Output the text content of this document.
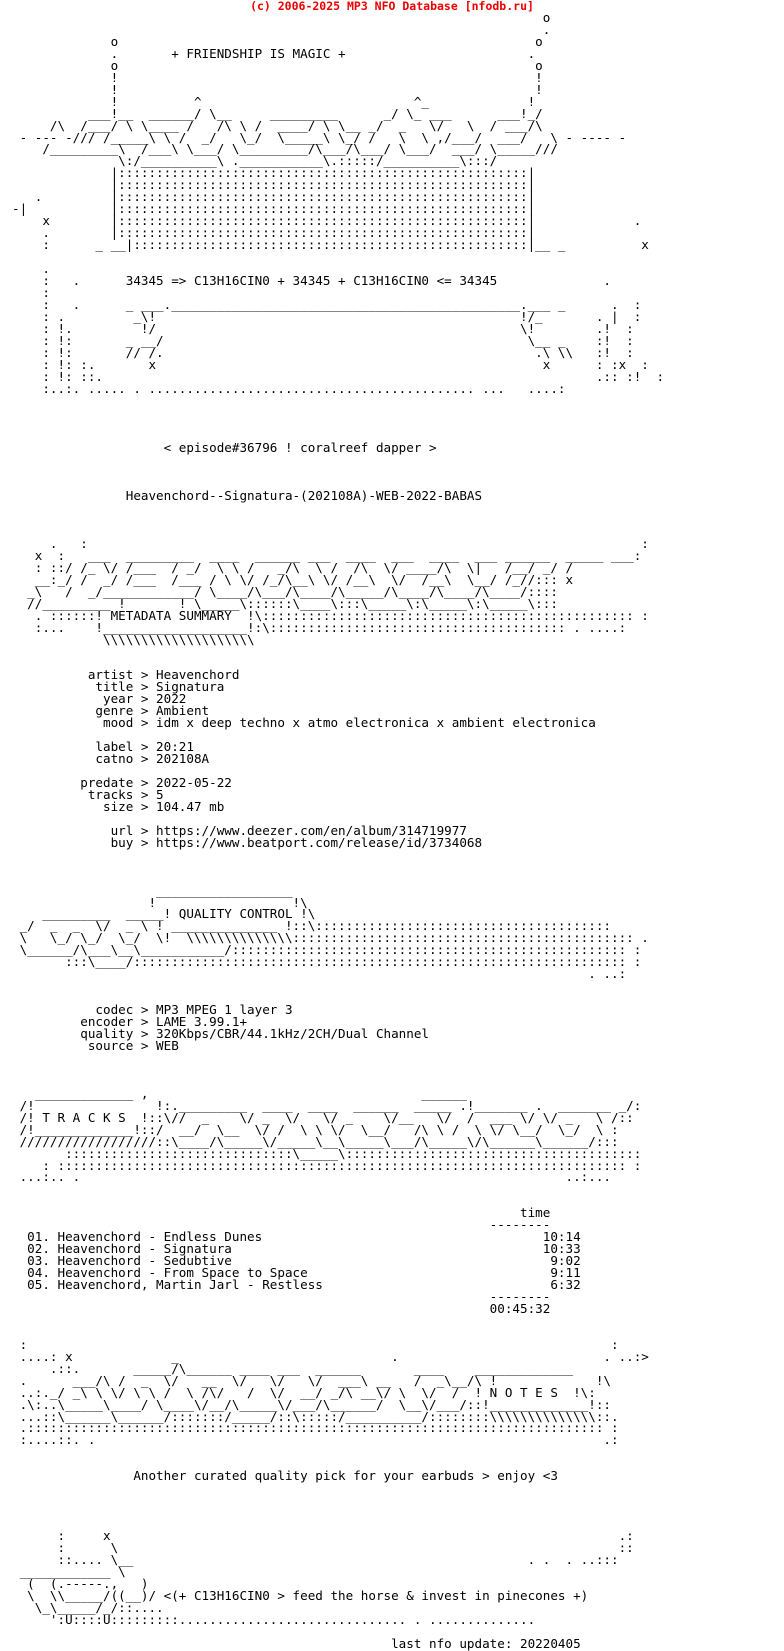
(c) 2006-2025 MP3 NFO Database [nfodb.ru]
o
.
o                                                       o
.       + FRIENDSHIP IS MAGIC +                        .
o                                                       o
!                                                       !
!                                                       !
!          ^                            ^_             !
___!__  ______/ \__     _________      _/ \_ ___      ___!_/
/\  /___/ \ \____ /   /\ \ /  ____/ \ \__ _/  _   \/   \  / ___/\
- --- -/// /_____\ \ /  _/   \_/  \_____\ \_/ /   \  \ ,/___/  ___/   \ - ---- -
/_________\  /___\ \___/ \_________/\___/\___/ \___/  ___/ \_____///
\:/__________\ .___________\.:::::/__________\:::/
|::::::::::::::::::::::::::::::::::::::::::::::::::::::|
|::::::::::::::::::::::::::::::::::::::::::::::::::::::|
.         |::::::::::::::::::::::::::::::::::::::::::::::::::::::|
-|           |::::::::::::::::::::::::::::::::::::::::::::::::::::::|
x        |::::::::::::::::::::::::::::::::::::::::::::::::::::::|             .
.        |::::::::::::::::::::::::::::::::::::::::::::::::::::::|
:      _ __|::::::::::::::::::::::::::::::::::::::::::::::::::::|__ _          x

.
:   .      34345 => C13H16CIN0 + 34345 + C13H16CIN0 <= 34345              .
:
:   .      _ ___.______________________________________________.___ _      .  :
: .         _\!                                                !/_       . |  :
: !.         !/                                                \!        .!  :
: !:       _ __/                                                \__ _    :!  :
: !:       // /.                                                 .\ \\   :!  :
: !: :.       x                                                   x      : :x  :
: !: ::.                                                                 .:: :!  :
:..:. ..... . ........................................... ...   ....:

< episode#36796 ! coralreef dapper >

Heavenchord--Signatura-(202108A)-WEB-2022-BABAS

.   :                                                                         :
x  :   ___  _________  ____  ______ ___  ____  ___  ____  ___ ______  _____ ___:
: ::/ /_ \/ /___  / _/  \ \ /   _/\  \ /  /\  \/ ____/\  \|   /__/ _/ /
__:_/ /  _/ /___  /___ / \ \/ /_/\__\ \/ /__\  \/  /__\  \__/ /_//::: x
_\   /  _/____________/ \____/\___/\____/\_____/\____/\____/\____/::::
//_________ !       ! \_____\::::::\____\:::\_____\:\_____\:\_____\:::
. ::::::! METADATA SUMMARY  !\::::::::::::::::::::::::::::::::::::::::::::::::: :
:...    !___________________!:\::::::::::::::::::::::::::::::::::::::: . ....:
\\\\\\\\\\\\\\\\\\\\

artist > Heavenchord
title > Signatura
year > 2022
genre > Ambient
mood > idm x deep techno x atmo electronica x ambient electronica

label > 20:21
catno > 202108A

predate > 2022-05-22
tracks > 5
size > 104.47 mb

url > https://www.deezer.com/en/album/314719977
buy > https://www.beatport.com/release/id/3734068

__________________
!                  !\
_________  _____! QUALITY CONTROL !\
_/  _  _  \/  _ \ ! ______________ !::\:::::::::::::::::::::::::::::::::::::::
\   \_/ \_/  \_/  \!  \\\\\\\\\\\\\\::::::::::::::::::::::::::::::::::::::::::::: .
\______/\___\__\___________/:::::::::::::::::::::::::::::::::::::::::::::::::::: :
:::\____/::::::::::::::::::::::::::::::::::::::::::::::::::::::::::::::::: :
. ..:

codec > MP3 MPEG 1 layer 3
encoder > LAME 3.99.1+
quality > 320Kbps/CBR/44.1kHz/2CH/Dual Channel
source > WEB

_____________ ,                                    ______
/!                !:._________  ____  ____  ______  _____ .!_______ .  _______ _/:
/! T R A C K S  !::\//  _    \/ _  \/   \/ _    \/__   \/  /  ___ \/ \/ _   \ /::
/!_____________!::/  __/  \__  \/ /  \ \ \/  \__/   /\ \ /  \ \/ \__/  \_/  \ :
//////////////////::\____/\_____\/_____\__\_____\___/\_____\/\______\______/:::
::::::::::::::::::::::::::::::\_____\:::::::::::::::::::::::::::::::::::::::
: ::::::::::::::::::::::::::::::::::::::::::::::::::::::::::::::::::::::::::: :
...:.. .                                                                ..:...

time
--------
01. Heavenchord - Endless Dunes                                     10:14
02. Heavenchord - Signatura                                         10:33
03. Heavenchord - Sedubtive                                          9:02
04. Heavenchord - From Space to Space                                9:11
05. Heavenchord, Martin Jarl - Restless                              6:32
--------
00:45:32

:                                                                             :
....: x             _                            .                           . ..:>
.::.       _____/\______ ____ ___  ______       ____    _____________
.      ___/\ /  _  \/   __  \/   \/   \/  ___\ __   /  _\__/\ !             !\
..:._/ _\ \ \/ \ \ /  \ /\/   /  \/  __/ _/\ __\/ \  \/  /  ! N O T E S  !\:
.\:..\_____\____/ \____\/__/\_____\/___/\______/  \__\/___/::!_____________!::
...::\______\______/:::::::/_____/::\:::::/__________/::::::::\\\\\\\\\\\\\\::.
.:::::::::::::::::::::::::::::::::::::::::::::::::::::::::::::::::::::::::::: :
:....::. .                                                                   .:

Another curated quality pick for your earbuds > enjoy <3

:     x                                                                   .:
:      \                                                                  ::
::.... \__                                                    . .  . ..:::
____________ \
(  (.-----.,   )
\  \\_____/((__)/ <(+ C13H16CIN0 > feed the horse & invest in pinecones +)
\_\_____/_/::....
':U::::U:::::::::.............................. . ..............

last nfo update: 20220405
